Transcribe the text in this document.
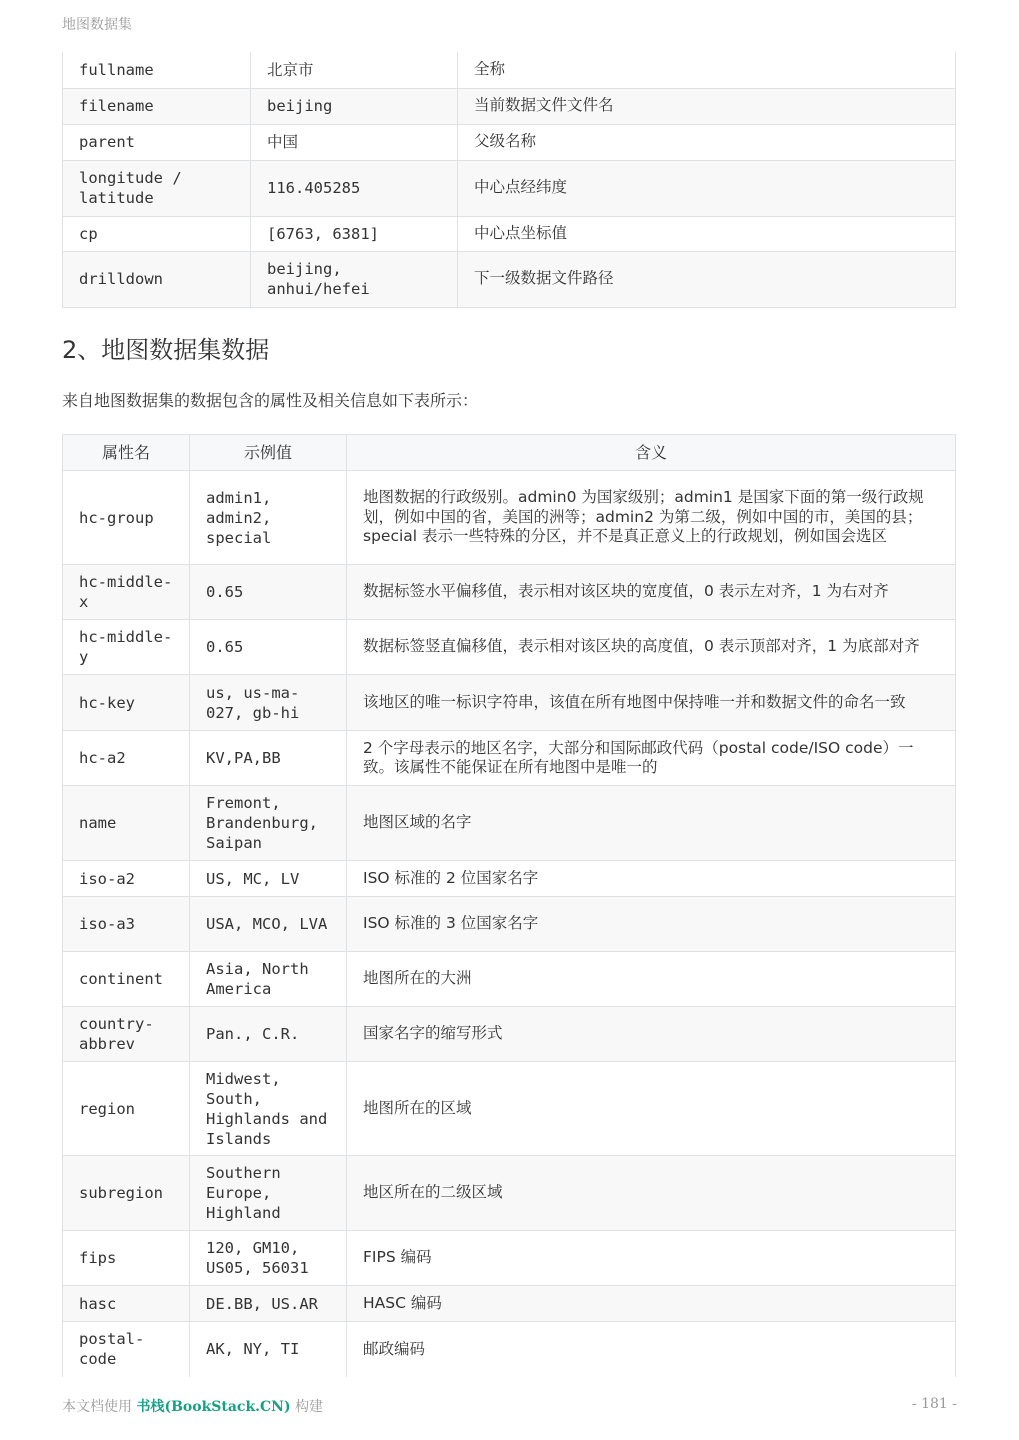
地图数据集
fullname	北京市	全称
filename	beijing	当前数据文件文件名
parent	中国	父级名称
longitude / latitude	116.405285	中心点经纬度
cp	[6763, 6381]	中心点坐标值
drilldown	beijing, anhui/hefei	下一级数据文件路径
2、地图数据集数据

来自地图数据集的数据包含的属性及相关信息如下表所示：

属性名	示例值	含义
hc-group	admin1, admin2, special	地图数据的行政级别。admin0 为国家级别；admin1 是国家下面的第一级行政规划，例如中国的省，美国的洲等；admin2 为第二级，例如中国的市，美国的县；special 表示一些特殊的分区，并不是真正意义上的行政规划，例如国会选区
hc-middle-x	0.65	数据标签水平偏移值，表示相对该区块的宽度值，0 表示左对齐，1 为右对齐
hc-middle-y	0.65	数据标签竖直偏移值，表示相对该区块的高度值，0 表示顶部对齐，1 为底部对齐
hc-key	us, us-ma-027, gb-hi	该地区的唯一标识字符串，该值在所有地图中保持唯一并和数据文件的命名一致
hc-a2	KV,PA,BB	2 个字母表示的地区名字，大部分和国际邮政代码（postal code/ISO code）一致。该属性不能保证在所有地图中是唯一的
name	Fremont, Brandenburg, Saipan	地图区域的名字
iso-a2	US, MC, LV	ISO 标准的 2 位国家名字
iso-a3	USA, MCO, LVA	ISO 标准的 3 位国家名字
continent	Asia, North America	地图所在的大洲
country-abbrev	Pan., C.R.	国家名字的缩写形式
region	Midwest, South, Highlands and Islands	地图所在的区域
subregion	Southern Europe, Highland	地区所在的二级区域
fips	120, GM10, US05, 56031	FIPS 编码
hasc	DE.BB, US.AR	HASC 编码
postal-code	AK, NY, TI	邮政编码
本文档使用 书栈(BookStack.CN) 构建	- 181 -
